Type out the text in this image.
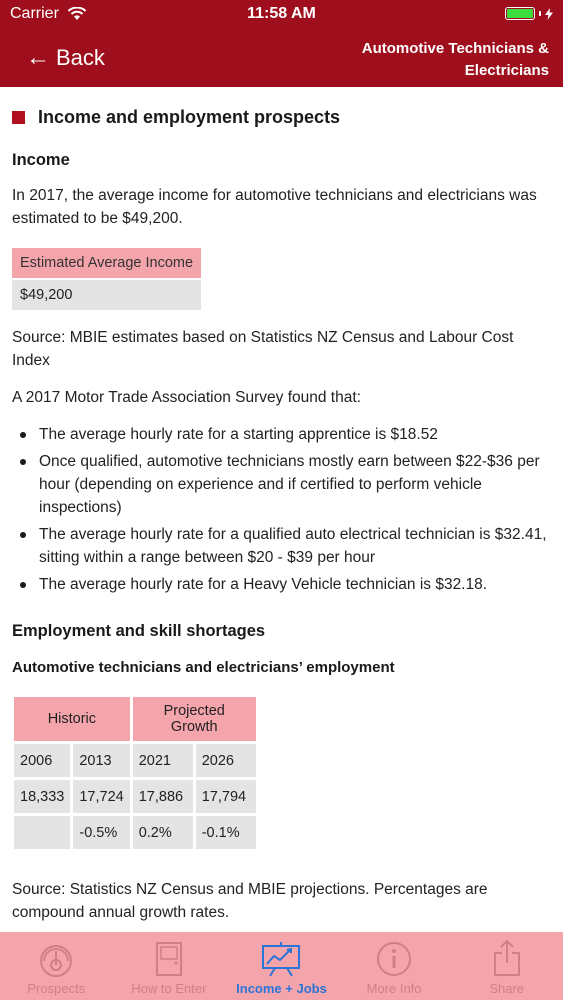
Carrier	11:58 AM
← Back	Automotive Technicians & Electricians
Income and employment prospects
Income

In 2017, the average income for automotive technicians and electricians was estimated to be $49,200.

Estimated Average Income
$49,200

Source: MBIE estimates based on Statistics NZ Census and Labour Cost Index

A 2017 Motor Trade Association Survey found that:

The average hourly rate for a starting apprentice is $18.52
Once qualified, automotive technicians mostly earn between $22-$36 per hour (depending on experience and if certified to perform vehicle inspections)
The average hourly rate for a qualified auto electrical technician is $32.41, sitting within a range between $20 - $39 per hour
The average hourly rate for a Heavy Vehicle technician is $32.18.
Employment and skill shortages
Automotive technicians and electricians’ employment
Historic		Projected Growth	
2006	2013	2021	2026
18,333	17,724	17,886	17,794
	-0.5%	0.2%	-0.1%

Source: Statistics NZ Census and MBIE projections. Percentages are compound annual growth rates.

Prospects	How to Enter Income + Jobs	More Info	Share
